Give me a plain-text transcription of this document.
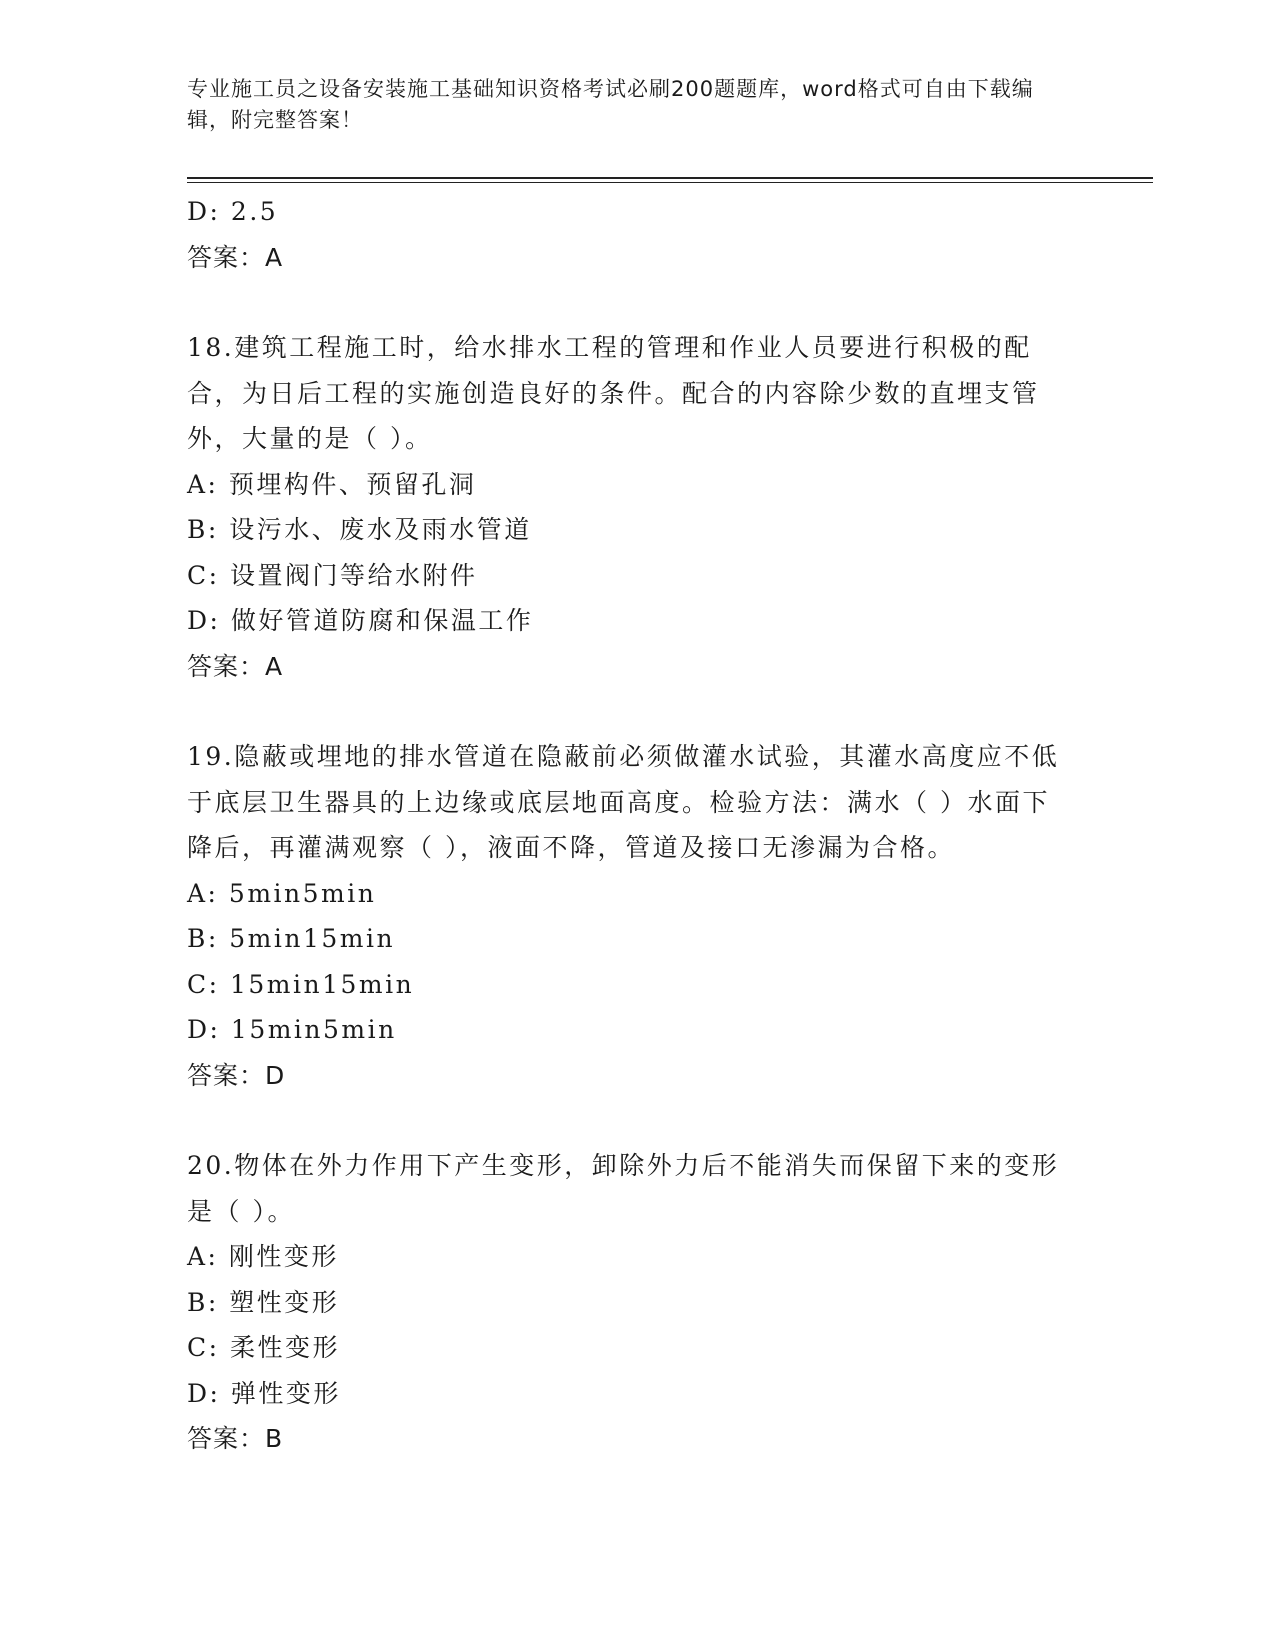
专业施工员之设备安装施工基础知识资格考试必刷200题题库，word格式可自由下载编辑，附完整答案！
D: 2.5
答案：A
18.建筑工程施工时，给水排水工程的管理和作业人员要进行积极的配合，为日后工程的实施创造良好的条件。配合的内容除少数的直埋支管外，大量的是（ ）。
A: 预埋构件、预留孔洞
B: 设污水、废水及雨水管道
C: 设置阀门等给水附件
D: 做好管道防腐和保温工作
答案：A
19.隐蔽或埋地的排水管道在隐蔽前必须做灌水试验，其灌水高度应不低于底层卫生器具的上边缘或底层地面高度。检验方法：满水（ ）水面下降后，再灌满观察（ ），液面不降，管道及接口无渗漏为合格。
A: 5min5min
B: 5min15min
C: 15min15min
D: 15min5min
答案：D
20.物体在外力作用下产生变形，卸除外力后不能消失而保留下来的变形是（ ）。
A: 刚性变形
B: 塑性变形
C: 柔性变形
D: 弹性变形
答案：B
